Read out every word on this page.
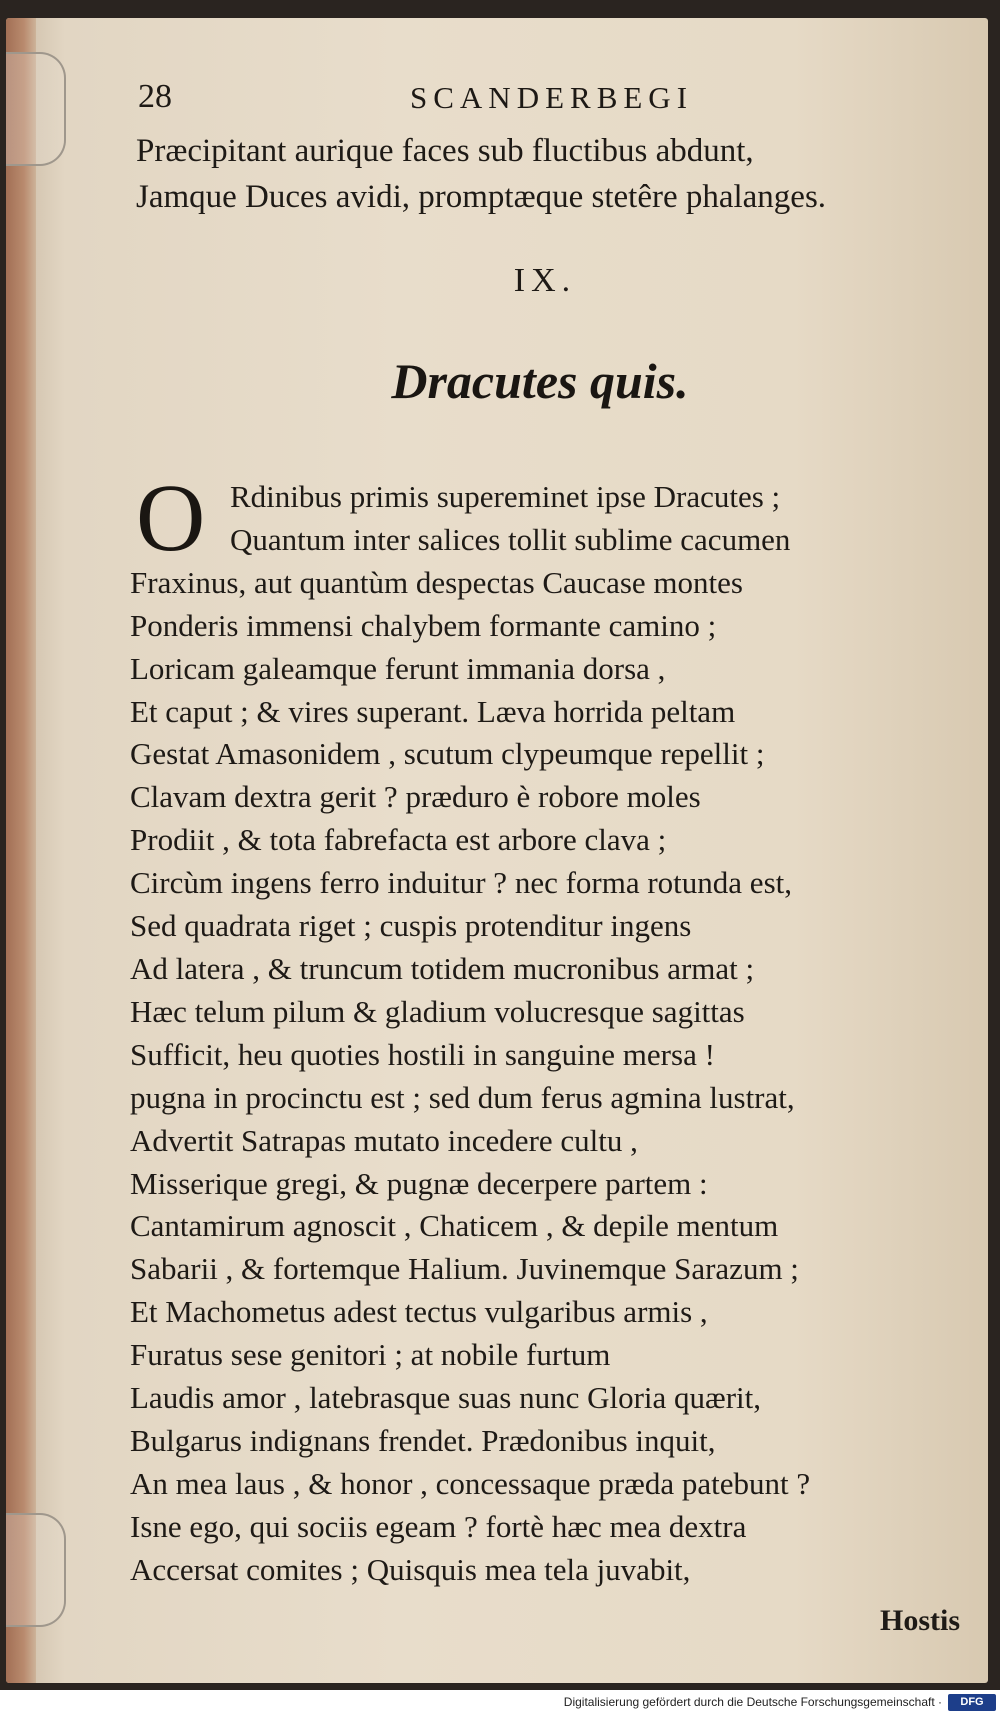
28	SCANDERBEGI
Præcipitant aurique faces sub fluctibus abdunt,
Jamque Duces avidi, promptæque stetêre phalanges.
IX.
Dracutes quis.
O Rdinibus primis supereminet ipse Dracutes ;
Quantum inter salices tollit sublime cacumen
Fraxinus, aut quantùm despectas Caucase montes
Ponderis immensi chalybem formante camino ;
Loricam galeamque ferunt immania dorsa ,
Et caput ; & vires superant. Læva horrida peltam
Gestat Amasonidem , scutum clypeumque repellit ;
Clavam dextra gerit ? præduro è robore moles
Prodiit , & tota fabrefacta est arbore clava ;
Circùm ingens ferro induitur ? nec forma rotunda est,
Sed quadrata riget ; cuspis protenditur ingens
Ad latera , & truncum totidem mucronibus armat ;
Hæc telum pilum & gladium volucresque sagittas
Sufficit, heu quoties hostili in sanguine mersa !
pugna in procinctu est ; sed dum ferus agmina lustrat,
Advertit Satrapas mutato incedere cultu ,
Misserique gregi, & pugnæ decerpere partem :
Cantamirum agnoscit , Chaticem , & depile mentum
Sabarii , & fortemque Halium. Juvinemque Sarazum ;
Et Machometus adest tectus vulgaribus armis ,
Furatus sese genitori ; at nobile furtum
Laudis amor , latebrasque suas nunc Gloria quærit,
Bulgarus indignans frendet. Prædonibus inquit,
An mea laus , & honor , concessaque præda patebunt ?
Isne ego, qui sociis egeam ? fortè hæc mea dextra
Accersat comites ; Quisquis mea tela juvabit,
Hostis
Digitalisierung gefördert durch die Deutsche Forschungsgemeinschaft ·	DFG
